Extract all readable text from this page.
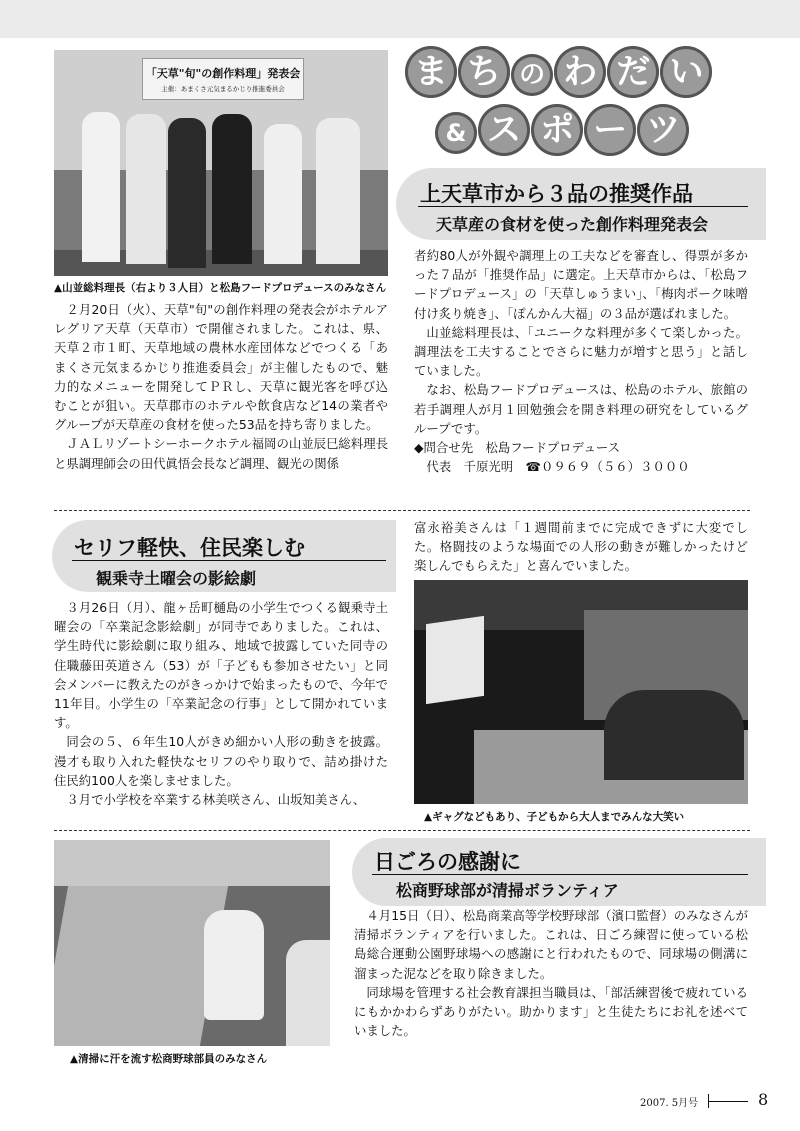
ま ち の わ だ い
& ス ポ ー ツ
「天草"旬"の創作料理」発表会
主催：あまくさ元気まるかじり推進委員会
▲山並総料理長（右より３人目）と松島フードプロデュースのみなさん
上天草市から３品の推奨作品
天草産の食材を使った創作料理発表会

２月20日（火）、天草"旬"の創作料理の発表会がホテルアレグリア天草（天草市）で開催されました。これは、県、天草２市１町、天草地域の農林水産団体などでつくる「あまくさ元気まるかじり推進委員会」が主催したもので、魅力的なメニューを開発してＰＲし、天草に観光客を呼び込むことが狙い。天草郡市のホテルや飲食店など14の業者やグループが天草産の食材を使った53品を持ち寄りました。

ＪＡＬリゾートシーホークホテル福岡の山並辰巳総料理長と県調理師会の田代眞悟会長など調理、観光の関係

者約80人が外観や調理上の工夫などを審査し、得票が多かった７品が「推奨作品」に選定。上天草市からは、「松島フードプロデュース」の「天草しゅうまい」、「梅肉ポーク味噌付け炙り焼き」、「ぽんかん大福」の３品が選ばれました。

山並総料理長は、「ユニークな料理が多くて楽しかった。調理法を工夫することでさらに魅力が増すと思う」と話していました。

なお、松島フードプロデュースは、松島のホテル、旅館の若手調理人が月１回勉強会を開き料理の研究をしているグループです。

◆問合せ先　松島フードプロデュース

代表　千原光明　☎０９６９（５６）３０００

セリフ軽快、住民楽しむ
観乗寺土曜会の影絵劇

３月26日（月）、龍ヶ岳町樋島の小学生でつくる観乗寺土曜会の「卒業記念影絵劇」が同寺でありました。これは、学生時代に影絵劇に取り組み、地域で披露していた同寺の住職藤田英道さん（53）が「子どもも参加させたい」と同会メンバーに教えたのがきっかけで始まったもので、今年で11年目。小学生の「卒業記念の行事」として開かれています。

同会の５、６年生10人がきめ細かい人形の動きを披露。漫才も取り入れた軽快なセリフのやり取りで、詰め掛けた住民約100人を楽しませました。

３月で小学校を卒業する林美咲さん、山坂知美さん、

富永裕美さんは「１週間前までに完成できずに大変でした。格闘技のような場面での人形の動きが難しかったけど楽しんでもらえた」と喜んでいました。

▲ギャグなどもあり、子どもから大人までみんな大笑い
▲清掃に汗を流す松商野球部員のみなさん
日ごろの感謝に
松商野球部が清掃ボランティア

４月15日（日）、松島商業高等学校野球部（濱口監督）のみなさんが清掃ボランティアを行いました。これは、日ごろ練習に使っている松島総合運動公園野球場への感謝にと行われたもので、同球場の側溝に溜まった泥などを取り除きました。

同球場を管理する社会教育課担当職員は、「部活練習後で疲れているにもかかわらずありがたい。助かります」と生徒たちにお礼を述べていました。

2007. 5月号	8
